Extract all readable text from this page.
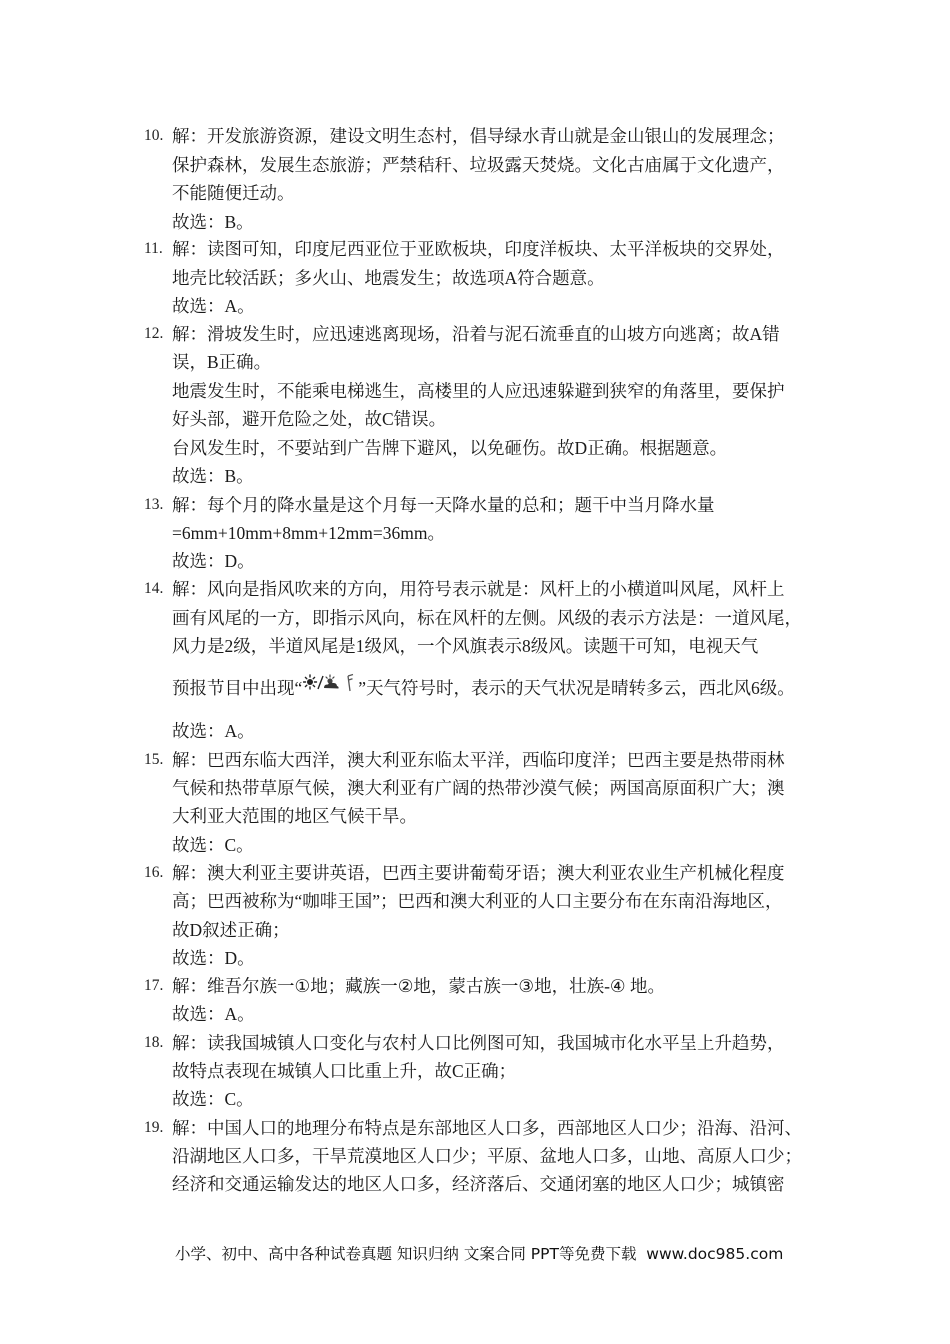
10. 解：开发旅游资源，建设文明生态村，倡导绿水青山就是金山银山的发展理念；
保护森林，发展生态旅游；严禁秸秆、垃圾露天焚烧。文化古庙属于文化遗产，
不能随便迁动。
故选：B。
11. 解：读图可知，印度尼西亚位于亚欧板块，印度洋板块、太平洋板块的交界处，
地壳比较活跃；多火山、地震发生；故选项A符合题意。
故选：A。
12. 解：滑坡发生时，应迅速逃离现场，沿着与泥石流垂直的山坡方向逃离；故A错
误，B正确。
地震发生时，不能乘电梯逃生，高楼里的人应迅速躲避到狭窄的角落里，要保护
好头部，避开危险之处，故C错误。
台风发生时，不要站到广告牌下避风，以免砸伤。故D正确。根据题意。
故选：B。
13. 解：每个月的降水量是这个月每一天降水量的总和；题干中当月降水量
=6mm+10mm+8mm+12mm=36mm。
故选：D。
14. 解：风向是指风吹来的方向，用符号表示就是：风杆上的小横道叫风尾，风杆上
画有风尾的一方，即指示风向，标在风杆的左侧。风级的表示方法是：一道风尾，
风力是2级，半道风尾是1级风，一个风旗表示8级风。读题干可知，电视天气
预报节目中出现“	”天气符号时，表示的天气状况是晴转多云，西北风6级。
故选：A。
15. 解：巴西东临大西洋，澳大利亚东临太平洋，西临印度洋；巴西主要是热带雨林
气候和热带草原气候，澳大利亚有广阔的热带沙漠气候；两国高原面积广大；澳
大利亚大范围的地区气候干旱。
故选：C。
16. 解：澳大利亚主要讲英语，巴西主要讲葡萄牙语；澳大利亚农业生产机械化程度
高；巴西被称为“咖啡王国”；巴西和澳大利亚的人口主要分布在东南沿海地区，
故D叙述正确；
故选：D。
17. 解：维吾尔族一①地；藏族一②地，蒙古族一③地，壮族-④ 地。
故选：A。
18. 解：读我国城镇人口变化与农村人口比例图可知，我国城市化水平呈上升趋势，
故特点表现在城镇人口比重上升，故C正确；
故选：C。
19. 解：中国人口的地理分布特点是东部地区人口多，西部地区人口少；沿海、沿河、
沿湖地区人口多，干旱荒漠地区人口少；平原、盆地人口多，山地、高原人口少；
经济和交通运输发达的地区人口多，经济落后、交通闭塞的地区人口少；城镇密
小学、初中、高中各种试卷真题 知识归纳 文案合同 PPT等免费下载  www.doc985.com
